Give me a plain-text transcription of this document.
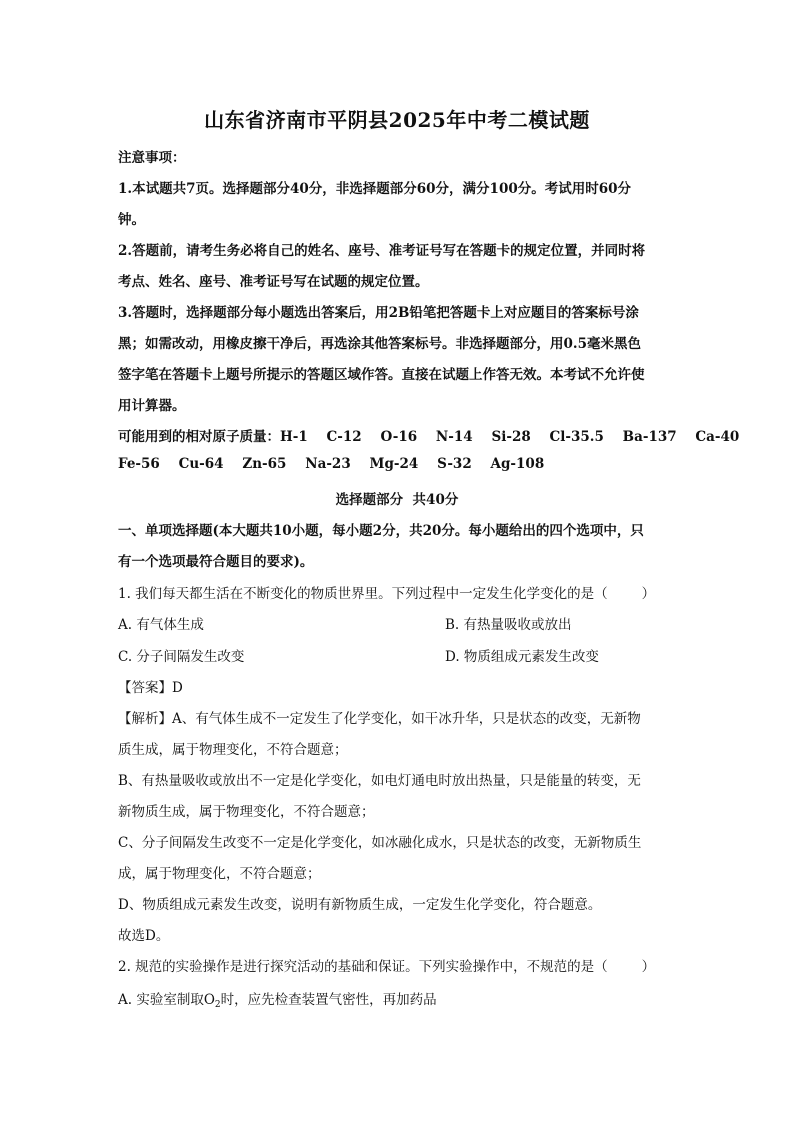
山东省济南市平阴县2025年中考二模试题
注意事项：
1.本试题共7页。选择题部分40分，非选择题部分60分，满分100分。考试用时60分
钟。
2.答题前，请考生务必将自己的姓名、座号、准考证号写在答题卡的规定位置，并同时将
考点、姓名、座号、准考证号写在试题的规定位置。
3.答题时，选择题部分每小题选出答案后，用2B铅笔把答题卡上对应题目的答案标号涂
黑；如需改动，用橡皮擦干净后，再选涂其他答案标号。非选择题部分，用0.5毫米黑色
签字笔在答题卡上题号所提示的答题区域作答。直接在试题上作答无效。本考试不允许使
用计算器。
可能用到的相对原子质量：H-1    C-12    O-16    N-14    Si-28    Cl-35.5    Ba-137    Ca-40
Fe-56    Cu-64    Zn-65    Na-23    Mg-24    S-32    Ag-108
选择题部分  共40分
一、单项选择题(本大题共10小题，每小题2分，共20分。每小题给出的四个选项中，只
有一个选项最符合题目的要求)。
1. 我们每天都生活在不断变化的物质世界里。下列过程中一定发生化学变化的是（	）
A. 有气体生成	B. 有热量吸收或放出
C. 分子间隔发生改变	D. 物质组成元素发生改变
【答案】D
【解析】A、有气体生成不一定发生了化学变化，如干冰升华，只是状态的改变，无新物
质生成，属于物理变化，不符合题意；
B、有热量吸收或放出不一定是化学变化，如电灯通电时放出热量，只是能量的转变，无
新物质生成，属于物理变化，不符合题意；
C、分子间隔发生改变不一定是化学变化，如冰融化成水，只是状态的改变，无新物质生
成，属于物理变化，不符合题意；
D、物质组成元素发生改变，说明有新物质生成，一定发生化学变化，符合题意。
故选D。
2. 规范的实验操作是进行探究活动的基础和保证。下列实验操作中，不规范的是（	）
A. 实验室制取$O_2$时，应先检查装置气密性，再加药品
